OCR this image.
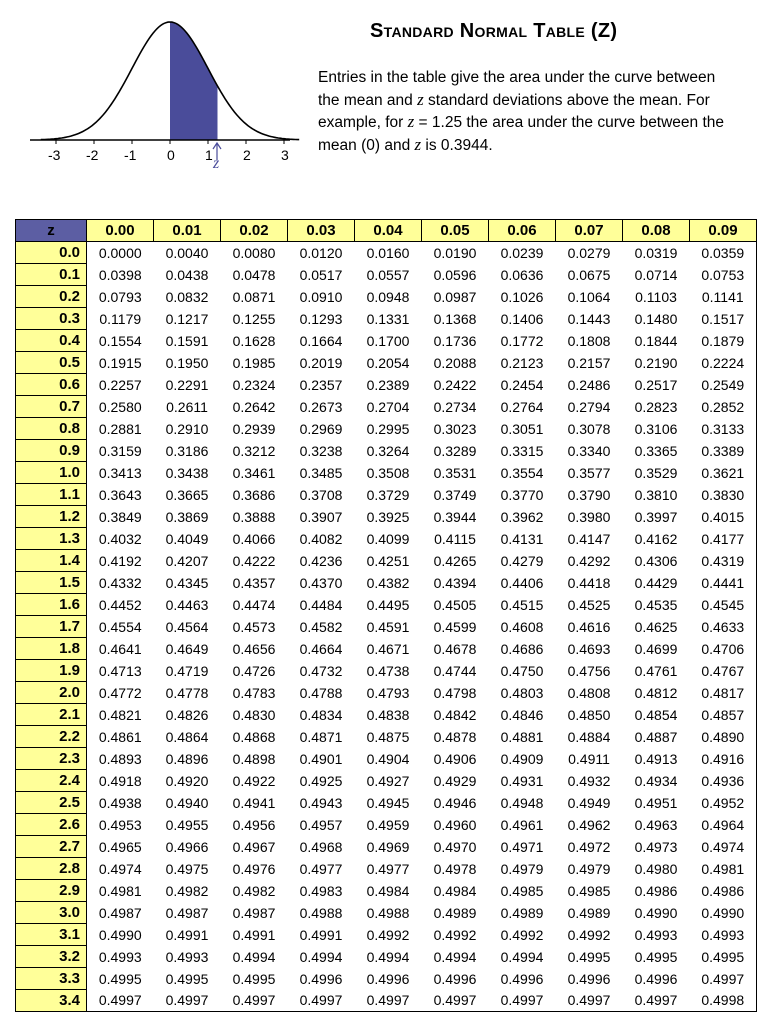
-3 -2 -1 0 1 2 3
z
Standard Normal Table (Z)

Entries in the table give the area under the curve between the mean and z standard deviations above the mean. For example, for z = 1.25 the area under the curve between the mean (0) and z is 0.3944.

z	0.00	0.01	0.02	0.03	0.04	0.05	0.06	0.07	0.08	0.09
0.0	0.0000	0.0040	0.0080	0.0120	0.0160	0.0190	0.0239	0.0279	0.0319	0.0359
0.1	0.0398	0.0438	0.0478	0.0517	0.0557	0.0596	0.0636	0.0675	0.0714	0.0753
0.2	0.0793	0.0832	0.0871	0.0910	0.0948	0.0987	0.1026	0.1064	0.1103	0.1141
0.3	0.1179	0.1217	0.1255	0.1293	0.1331	0.1368	0.1406	0.1443	0.1480	0.1517
0.4	0.1554	0.1591	0.1628	0.1664	0.1700	0.1736	0.1772	0.1808	0.1844	0.1879
0.5	0.1915	0.1950	0.1985	0.2019	0.2054	0.2088	0.2123	0.2157	0.2190	0.2224
0.6	0.2257	0.2291	0.2324	0.2357	0.2389	0.2422	0.2454	0.2486	0.2517	0.2549
0.7	0.2580	0.2611	0.2642	0.2673	0.2704	0.2734	0.2764	0.2794	0.2823	0.2852
0.8	0.2881	0.2910	0.2939	0.2969	0.2995	0.3023	0.3051	0.3078	0.3106	0.3133
0.9	0.3159	0.3186	0.3212	0.3238	0.3264	0.3289	0.3315	0.3340	0.3365	0.3389
1.0	0.3413	0.3438	0.3461	0.3485	0.3508	0.3531	0.3554	0.3577	0.3529	0.3621
1.1	0.3643	0.3665	0.3686	0.3708	0.3729	0.3749	0.3770	0.3790	0.3810	0.3830
1.2	0.3849	0.3869	0.3888	0.3907	0.3925	0.3944	0.3962	0.3980	0.3997	0.4015
1.3	0.4032	0.4049	0.4066	0.4082	0.4099	0.4115	0.4131	0.4147	0.4162	0.4177
1.4	0.4192	0.4207	0.4222	0.4236	0.4251	0.4265	0.4279	0.4292	0.4306	0.4319
1.5	0.4332	0.4345	0.4357	0.4370	0.4382	0.4394	0.4406	0.4418	0.4429	0.4441
1.6	0.4452	0.4463	0.4474	0.4484	0.4495	0.4505	0.4515	0.4525	0.4535	0.4545
1.7	0.4554	0.4564	0.4573	0.4582	0.4591	0.4599	0.4608	0.4616	0.4625	0.4633
1.8	0.4641	0.4649	0.4656	0.4664	0.4671	0.4678	0.4686	0.4693	0.4699	0.4706
1.9	0.4713	0.4719	0.4726	0.4732	0.4738	0.4744	0.4750	0.4756	0.4761	0.4767
2.0	0.4772	0.4778	0.4783	0.4788	0.4793	0.4798	0.4803	0.4808	0.4812	0.4817
2.1	0.4821	0.4826	0.4830	0.4834	0.4838	0.4842	0.4846	0.4850	0.4854	0.4857
2.2	0.4861	0.4864	0.4868	0.4871	0.4875	0.4878	0.4881	0.4884	0.4887	0.4890
2.3	0.4893	0.4896	0.4898	0.4901	0.4904	0.4906	0.4909	0.4911	0.4913	0.4916
2.4	0.4918	0.4920	0.4922	0.4925	0.4927	0.4929	0.4931	0.4932	0.4934	0.4936
2.5	0.4938	0.4940	0.4941	0.4943	0.4945	0.4946	0.4948	0.4949	0.4951	0.4952
2.6	0.4953	0.4955	0.4956	0.4957	0.4959	0.4960	0.4961	0.4962	0.4963	0.4964
2.7	0.4965	0.4966	0.4967	0.4968	0.4969	0.4970	0.4971	0.4972	0.4973	0.4974
2.8	0.4974	0.4975	0.4976	0.4977	0.4977	0.4978	0.4979	0.4979	0.4980	0.4981
2.9	0.4981	0.4982	0.4982	0.4983	0.4984	0.4984	0.4985	0.4985	0.4986	0.4986
3.0	0.4987	0.4987	0.4987	0.4988	0.4988	0.4989	0.4989	0.4989	0.4990	0.4990
3.1	0.4990	0.4991	0.4991	0.4991	0.4992	0.4992	0.4992	0.4992	0.4993	0.4993
3.2	0.4993	0.4993	0.4994	0.4994	0.4994	0.4994	0.4994	0.4995	0.4995	0.4995
3.3	0.4995	0.4995	0.4995	0.4996	0.4996	0.4996	0.4996	0.4996	0.4996	0.4997
3.4	0.4997	0.4997	0.4997	0.4997	0.4997	0.4997	0.4997	0.4997	0.4997	0.4998
